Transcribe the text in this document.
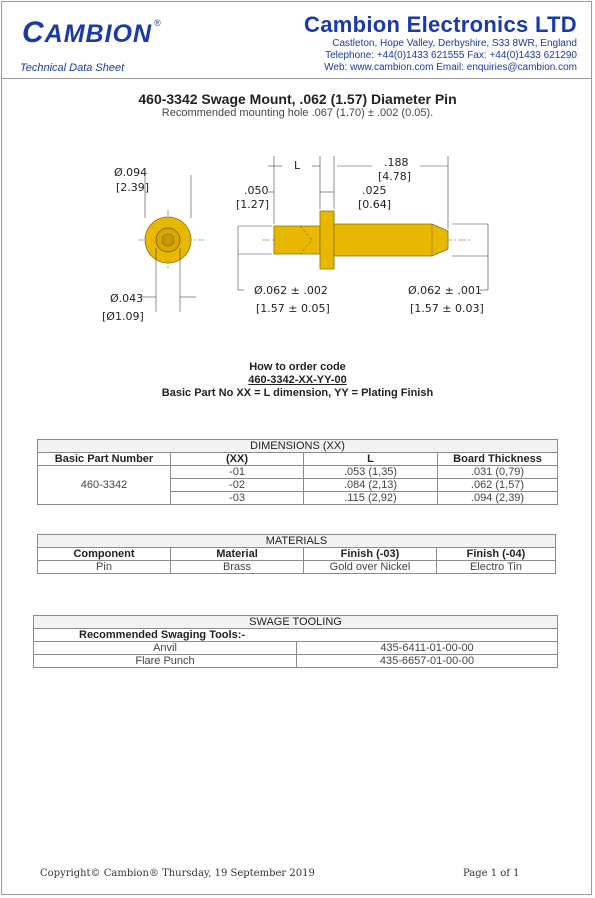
CAMBION ®
Technical Data Sheet
Cambion Electronics LTD
Castleton, Hope Valley, Derbyshire, S33 8WR, England
Telephone: +44(0)1433 621555 Fax: +44(0)1433 621290
Web: www.cambion.com Email: enquiries@cambion.com
460-3342 Swage Mount, .062 (1.57) Diameter Pin
Recommended mounting hole .067 (1.70) ± .002 (0.05).
Ø.094
[2.39]
Ø.043
[Ø1.09]
L	.188
[4.78]
.050
[1.27]
.025
[0.64]
Ø.062 ± .002
[1.57 ± 0.05]
Ø.062 ± .001
[1.57 ± 0.03]
How to order code
460-3342-XX-YY-00
Basic Part No XX = L dimension, YY = Plating Finish
DIMENSIONS (XX)			
Basic Part Number	(XX)	L	Board Thickness
460-3342	-01	.053 (1,35)	.031 (0,79)
	-02	.084 (2,13)	.062 (1,57)
	-03	.115 (2,92)	.094 (2,39)
MATERIALS			
Component	Material	Finish (-03)	Finish (-04)
Pin	Brass	Gold over Nickel	Electro Tin
SWAGE TOOLING	
Recommended Swaging Tools:-	
Anvil	435-6411-01-00-00
Flare Punch	435-6657-01-00-00
Copyright© Cambion® Thursday, 19 September 2019	Page 1 of 1
